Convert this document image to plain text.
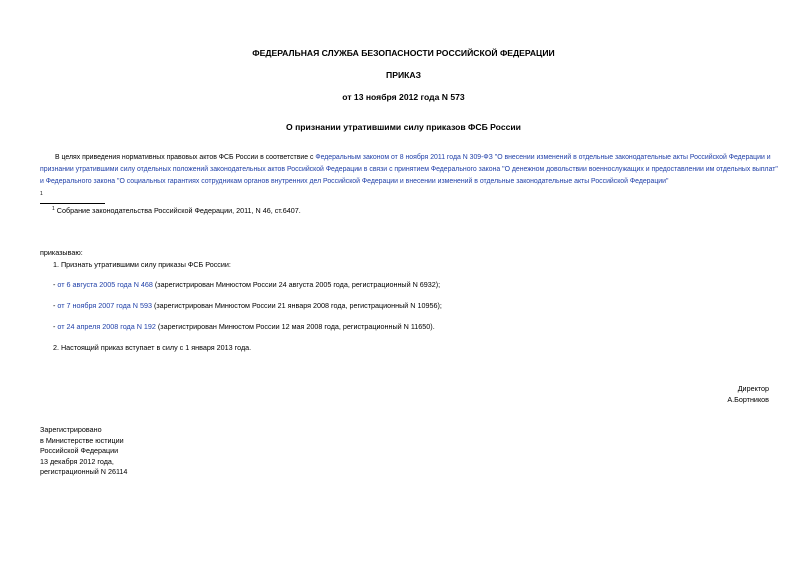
ФЕДЕРАЛЬНАЯ СЛУЖБА БЕЗОПАСНОСТИ РОССИЙСКОЙ ФЕДЕРАЦИИ
ПРИКАЗ
от 13 ноября 2012 года N 573
О признании утратившими силу приказов ФСБ России
В целях приведения нормативных правовых актов ФСБ России в соответствие с Федеральным законом от 8 ноября 2011 года N 309-ФЗ "О внесении изменений в отдельные законодательные акты Российской Федерации и признании утратившими силу отдельных положений законодательных актов Российской Федерации в связи с принятием Федерального закона "О денежном довольствии военнослужащих и предоставлении им отдельных выплат" и Федерального закона "О социальных гарантиях сотрудникам органов внутренних дел Российской Федерации и внесении изменений в отдельные законодательные акты Российской Федерации"
$^1$
$^1$ Собрание законодательства Российской Федерации, 2011, N 46, ст.6407.
приказываю:
1. Признать утратившими силу приказы ФСБ России:
- от 6 августа 2005 года N 468 (зарегистрирован Минюстом России 24 августа 2005 года, регистрационный N 6932);
- от 7 ноября 2007 года N 593 (зарегистрирован Минюстом России 21 января 2008 года, регистрационный N 10956);
- от 24 апреля 2008 года N 192 (зарегистрирован Минюстом России 12 мая 2008 года, регистрационный N 11650).
2. Настоящий приказ вступает в силу с 1 января 2013 года.
Директор
А.Бортников
Зарегистрировано
в Министерстве юстиции
Российской Федерации
13 декабря 2012 года,
регистрационный N 26114
